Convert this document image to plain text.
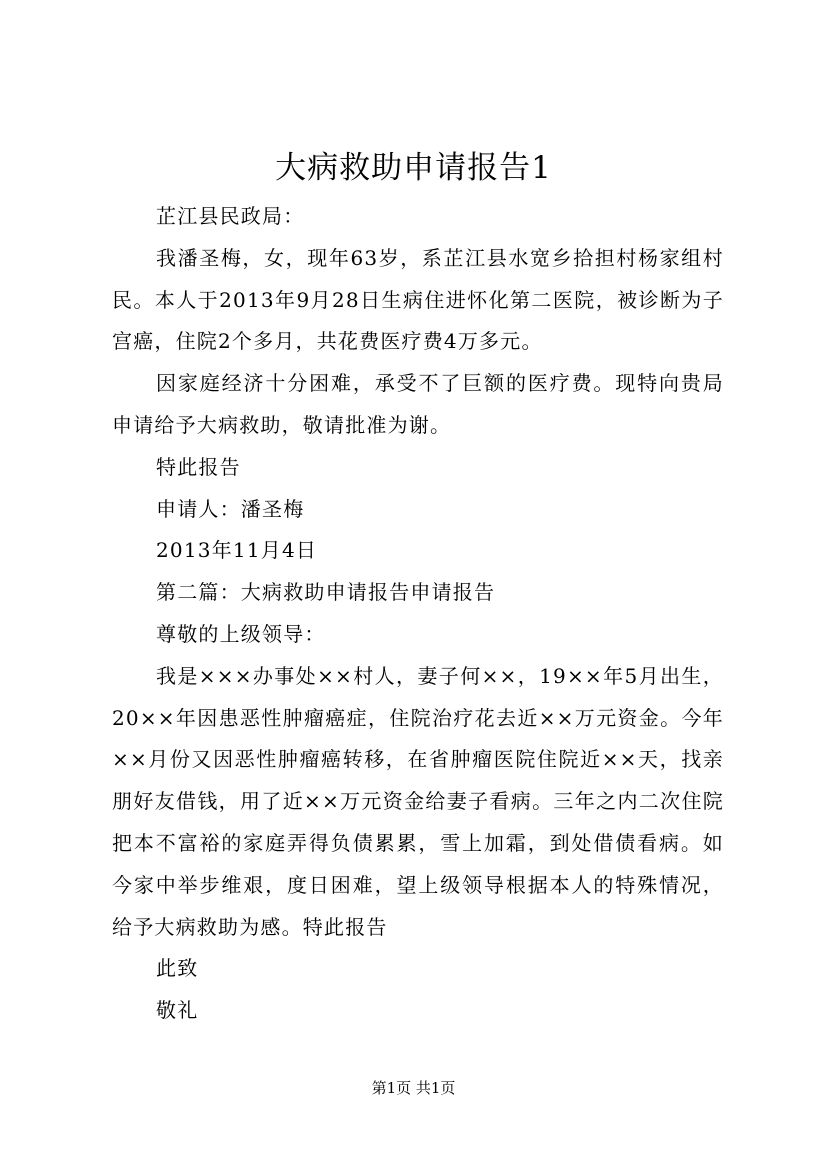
大病救助申请报告1

芷江县民政局：

我潘圣梅，女，现年63岁，系芷江县水宽乡拾担村杨家组村民。本人于2013年9月28日生病住进怀化第二医院，被诊断为子宫癌，住院2个多月，共花费医疗费4万多元。

因家庭经济十分困难，承受不了巨额的医疗费。现特向贵局申请给予大病救助，敬请批准为谢。

特此报告

申请人：潘圣梅

2013年11月4日

第二篇：大病救助申请报告申请报告

尊敬的上级领导：

我是×××办事处××村人，妻子何××，19××年5月出生，20××年因患恶性肿瘤癌症，住院治疗花去近××万元资金。今年××月份又因恶性肿瘤癌转移，在省肿瘤医院住院近××天，找亲朋好友借钱，用了近××万元资金给妻子看病。三年之内二次住院把本不富裕的家庭弄得负债累累，雪上加霜，到处借债看病。如今家中举步维艰，度日困难，望上级领导根据本人的特殊情况，给予大病救助为感。特此报告

此致

敬礼

第1页 共1页
